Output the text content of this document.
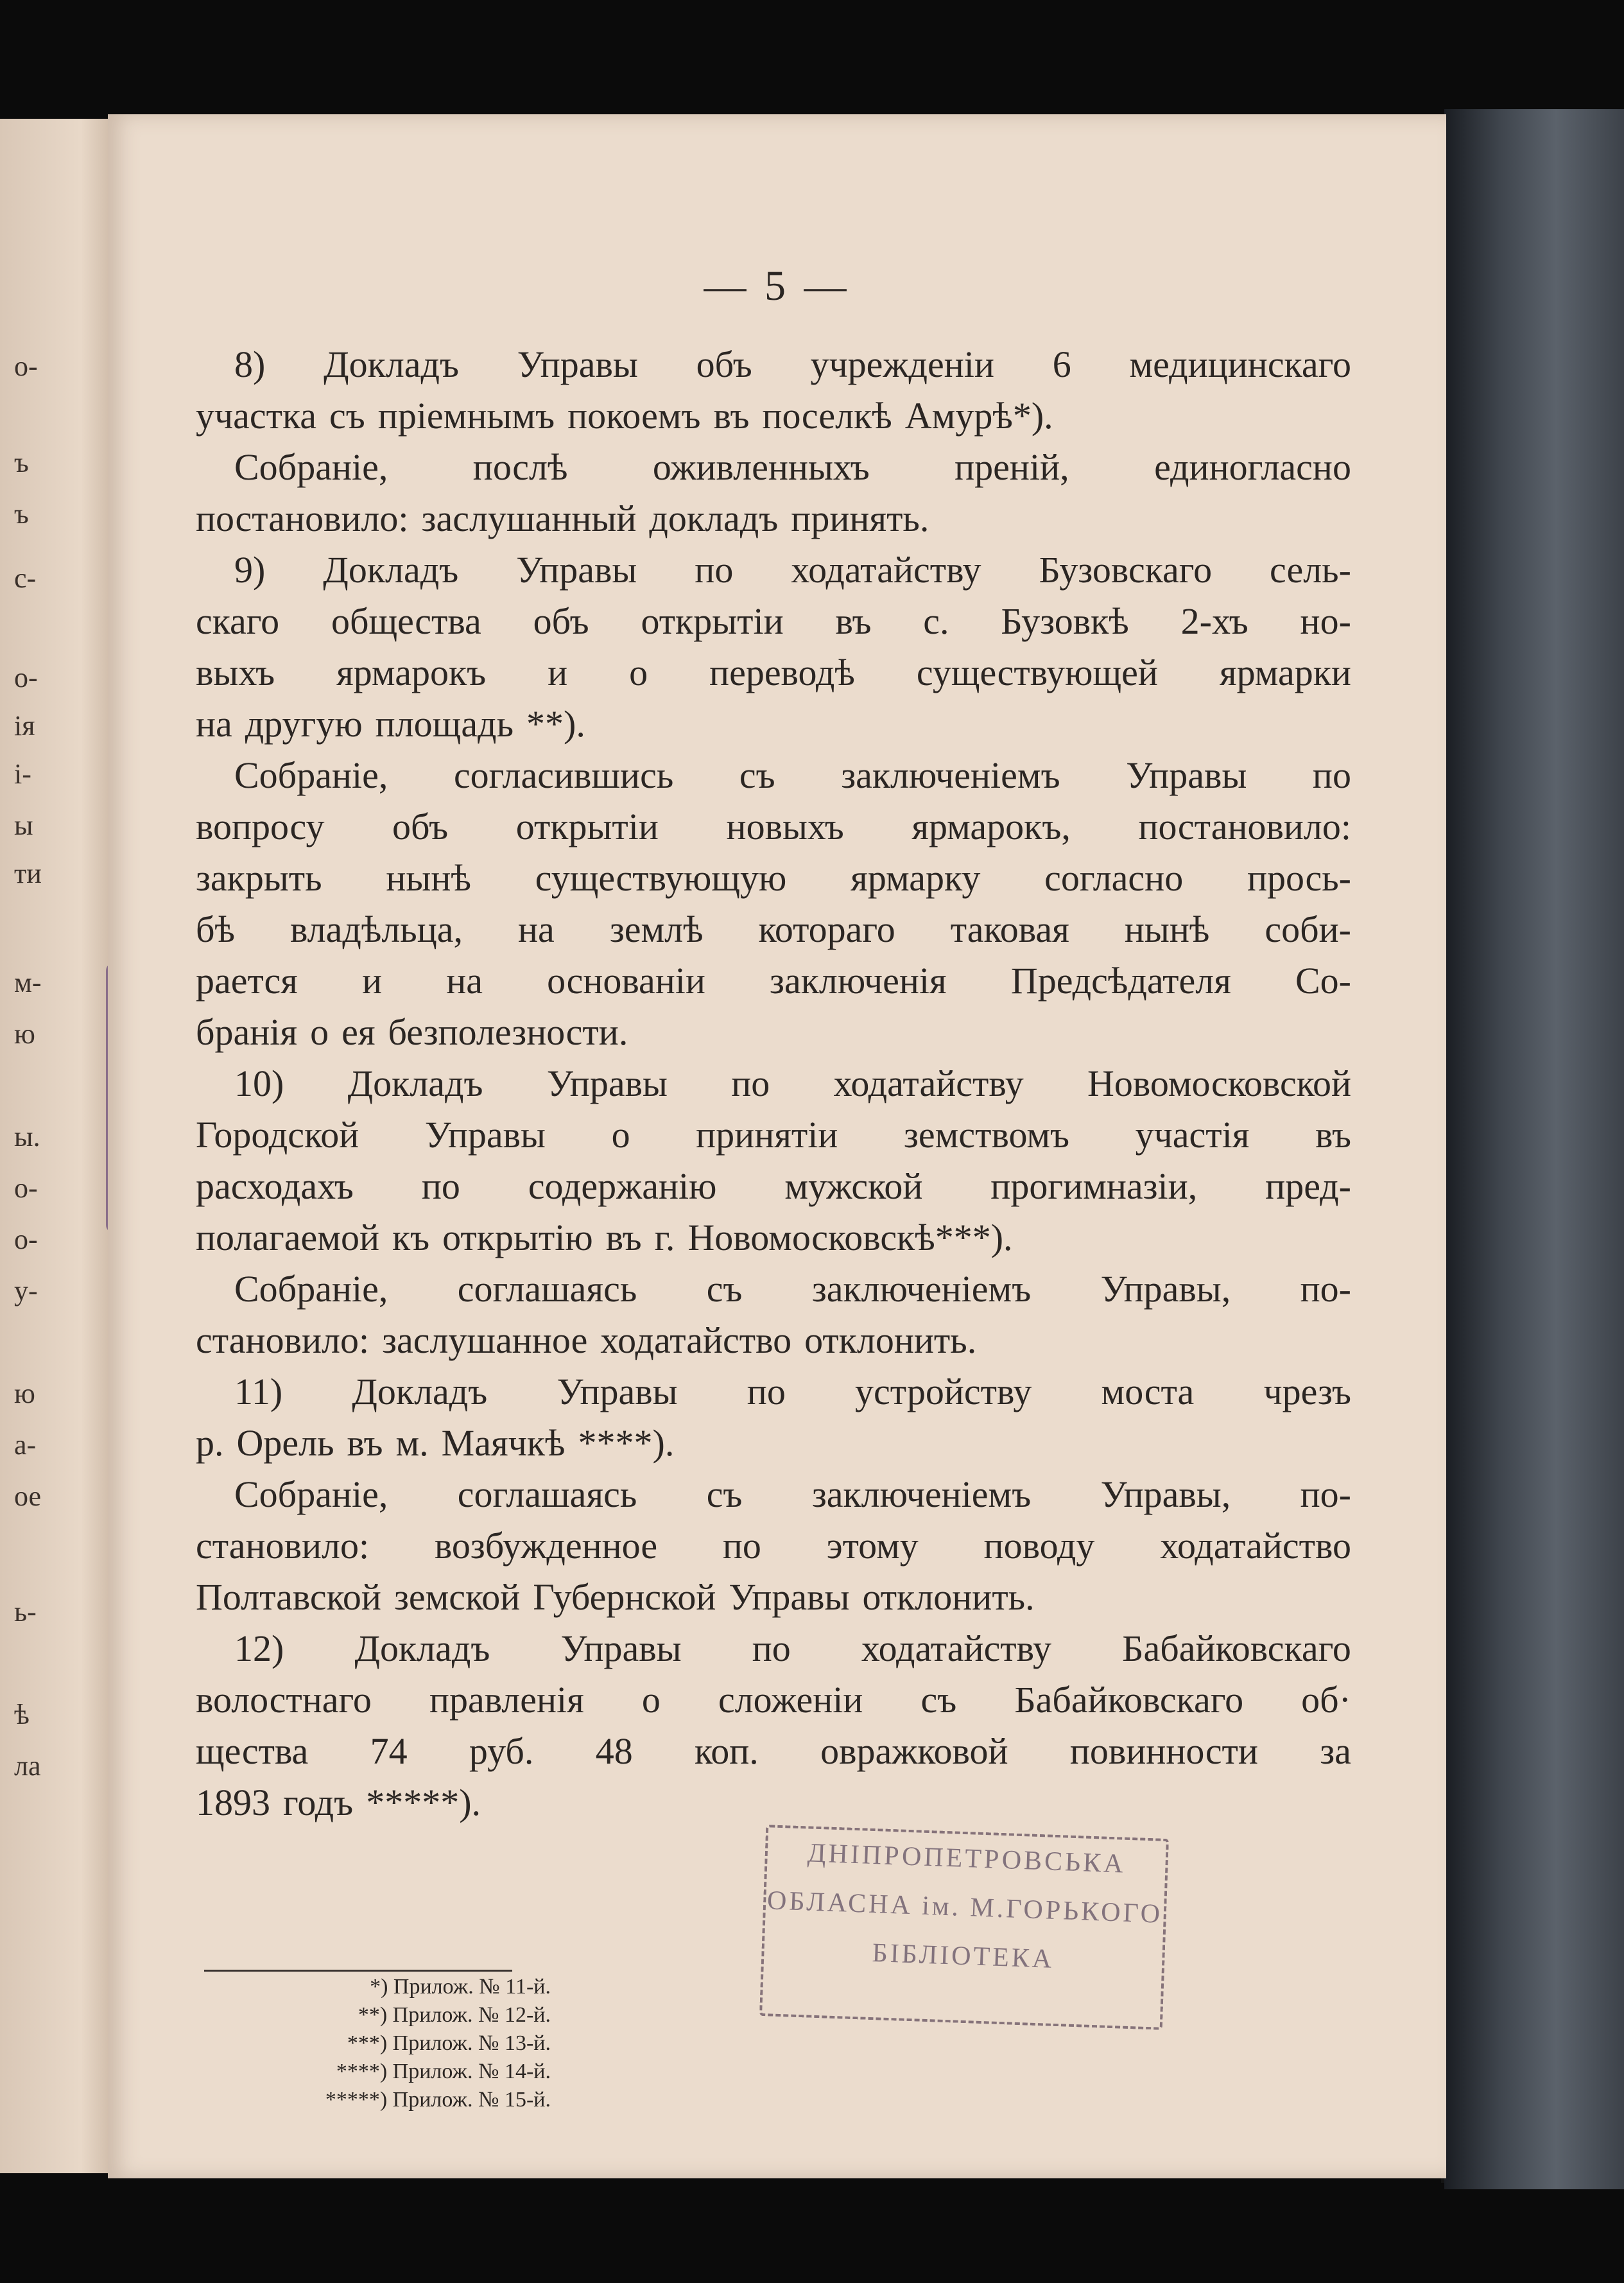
о-
ъ
ъ
с-
о-
ія
і-
ы
ти
м-
ю
ы.
о-
о-
у-
ю
а-
ое
ь-
ѣ
ла
— 5 —
8) Докладъ Управы объ учрежденіи 6 медицинскаго
участка съ пріемнымъ покоемъ въ поселкѣ Амурѣ*).
Собраніе, послѣ оживленныхъ преній, единогласно
постановило: заслушанный докладъ принять.
9) Докладъ Управы по ходатайству Бузовскаго сель-
скаго общества объ открытіи въ с. Бузовкѣ 2-хъ но-
выхъ ярмарокъ и о переводѣ существующей ярмарки
на другую площадь **).
Собраніе, согласившись съ заключеніемъ Управы по
вопросу объ открытіи новыхъ ярмарокъ, постановило:
закрыть нынѣ существующую ярмарку согласно прось-
бѣ владѣльца, на землѣ котораго таковая нынѣ соби-
рается и на основаніи заключенія Предсѣдателя Со-
бранія о ея безполезности.
10) Докладъ Управы по ходатайству Новомосковской
Городской Управы о принятіи земствомъ участія въ
расходахъ по содержанію мужской прогимназіи, пред-
полагаемой къ открытію въ г. Новомосковскѣ***).
Собраніе, соглашаясь съ заключеніемъ Управы, по-
становило: заслушанное ходатайство отклонить.
11) Докладъ Управы по устройству моста чрезъ
р. Орель въ м. Маячкѣ ****).
Собраніе, соглашаясь съ заключеніемъ Управы, по-
становило: возбужденное по этому поводу ходатайство
Полтавской земской Губернской Управы отклонить.
12) Докладъ Управы по ходатайству Бабайковскаго
волостнаго правленія о сложеніи съ Бабайковскаго об·
щества 74 руб. 48 коп. овражковой повинности за
1893 годъ *****).
*) Прилож. № 11-й.
**) Прилож. № 12-й.
***) Прилож. № 13-й.
****) Прилож. № 14-й.
*****) Прилож. № 15-й.
ДНІПРОПЕТРОВСЬКА
ОБЛАСНА ім. М.ГОРЬКОГО
БІБЛІОТЕКА
